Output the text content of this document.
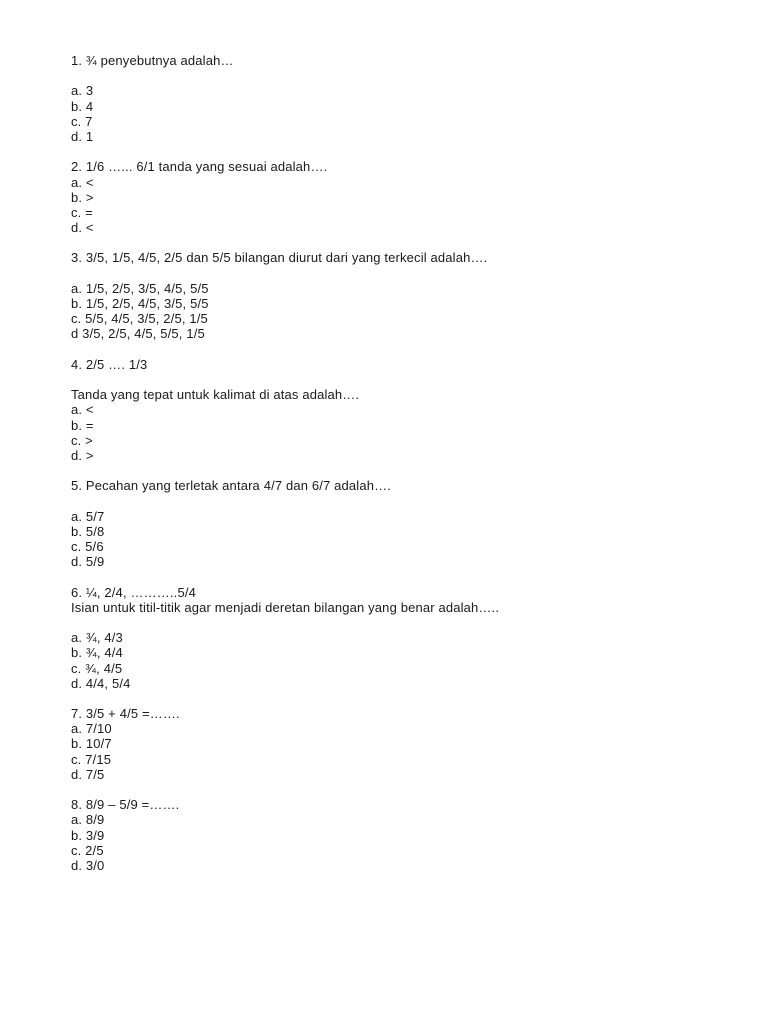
1. ¾ penyebutnya adalah…
a. 3
b. 4
c. 7
d. 1
2. 1/6 …... 6/1 tanda yang sesuai adalah….
a. <
b. >
c. =
d. <
3. 3/5, 1/5, 4/5, 2/5 dan 5/5 bilangan diurut dari yang terkecil adalah….
a. 1/5, 2/5, 3/5, 4/5, 5/5
b. 1/5, 2/5, 4/5, 3/5, 5/5
c. 5/5, 4/5, 3/5, 2/5, 1/5
d 3/5, 2/5, 4/5, 5/5, 1/5
4. 2/5 …. 1/3
Tanda yang tepat untuk kalimat di atas adalah….
a. <
b. =
c. >
d. >
5. Pecahan yang terletak antara 4/7 dan 6/7 adalah….
a. 5/7
b. 5/8
c. 5/6
d. 5/9
6. ¼, 2/4, ………..5/4
Isian untuk titil-titik agar menjadi deretan bilangan yang benar adalah…..
a. ¾, 4/3
b. ¾, 4/4
c. ¾, 4/5
d. 4/4, 5/4
7. 3/5 + 4/5 =…….
a. 7/10
b. 10/7
c. 7/15
d. 7/5
8. 8/9 – 5/9 =…….
a. 8/9
b. 3/9
c. 2/5
d. 3/0
